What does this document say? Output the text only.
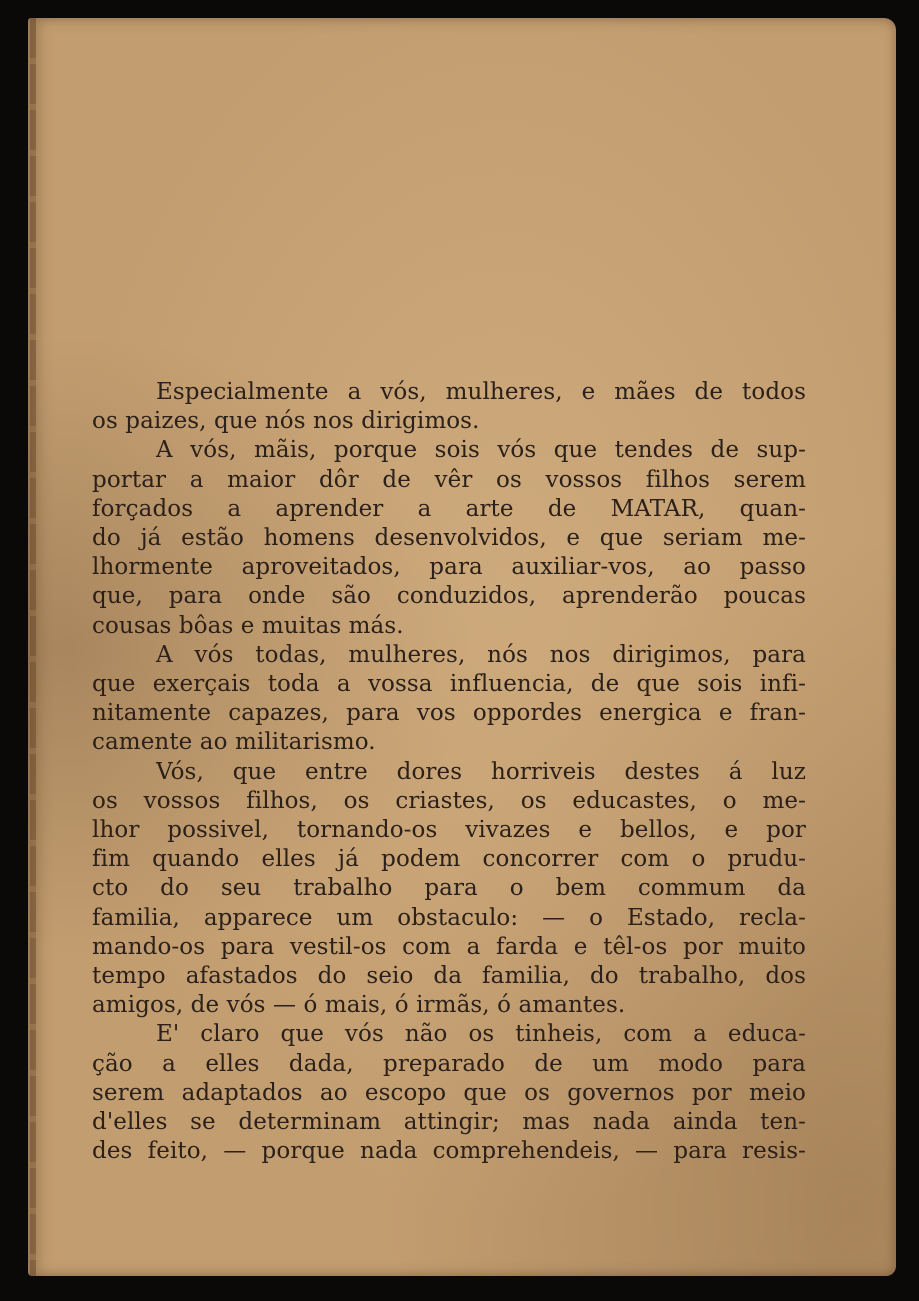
Especialmente a vós, mulheres, e mães de todos

os paizes, que nós nos dirigimos.

A vós, mãis, porque sois vós que tendes de sup-

portar a maior dôr de vêr os vossos filhos serem

forçados a aprender a arte de MATAR, quan-

do já estão homens desenvolvidos, e que seriam me-

lhormente aproveitados, para auxiliar-vos, ao passo

que, para onde são conduzidos, aprenderão poucas

cousas bôas e muitas más.

A vós todas, mulheres, nós nos dirigimos, para

que exerçais toda a vossa influencia, de que sois infi-

nitamente capazes, para vos oppordes energica e fran-

camente ao militarismo.

Vós, que entre dores horriveis destes á luz

os vossos filhos, os criastes, os educastes, o me-

lhor possivel, tornando-os vivazes e bellos, e por

fim quando elles já podem concorrer com o prudu-

cto do seu trabalho para o bem commum da

familia, apparece um obstaculo: — o Estado, recla-

mando-os para vestil-os com a farda e têl-os por muito

tempo afastados do seio da familia, do trabalho, dos

amigos, de vós — ó mais, ó irmãs, ó amantes.

E' claro que vós não os tinheis, com a educa-

ção a elles dada, preparado de um modo para

serem adaptados ao escopo que os governos por meio

d'elles se determinam attingir; mas nada ainda ten-

des feito, — porque nada comprehendeis, — para resis-
